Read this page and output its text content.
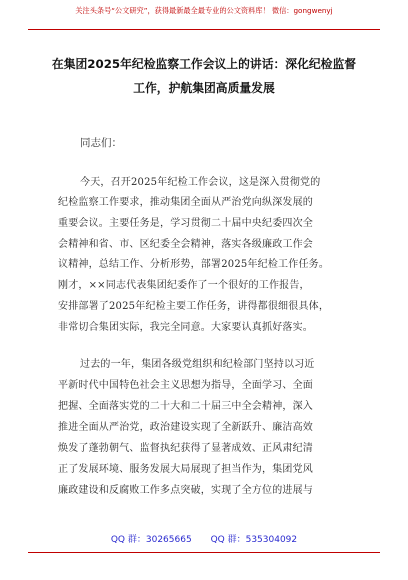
关注头条号“公文研究”，获得最新最全最专业的公文资料库！ 微信：gongwenyj
在集团2025年纪检监察工作会议上的讲话：深化纪检监督
工作，护航集团高质量发展
同志们：
今天，召开2025年纪检工作会议，这是深入贯彻党的
纪检监察工作要求，推动集团全面从严治党向纵深发展的
重要会议。主要任务是，学习贯彻二十届中央纪委四次全
会精神和省、市、区纪委全会精神，落实各级廉政工作会
议精神，总结工作、分析形势，部署2025年纪检工作任务。
刚才，××同志代表集团纪委作了一个很好的工作报告，
安排部署了2025年纪检主要工作任务，讲得都很细很具体，
非常切合集团实际，我完全同意。大家要认真抓好落实。
过去的一年，集团各级党组织和纪检部门坚持以习近
平新时代中国特色社会主义思想为指导，全面学习、全面
把握、全面落实党的二十大和二十届三中全会精神，深入
推进全面从严治党，政治建设实现了全新跃升、廉洁高效
焕发了蓬勃朝气、监督执纪获得了显著成效、正风肃纪清
正了发展环境、服务发展大局展现了担当作为，集团党风
廉政建设和反腐败工作多点突破，实现了全方位的进展与
QQ 群：30265665 QQ 群：535304092
